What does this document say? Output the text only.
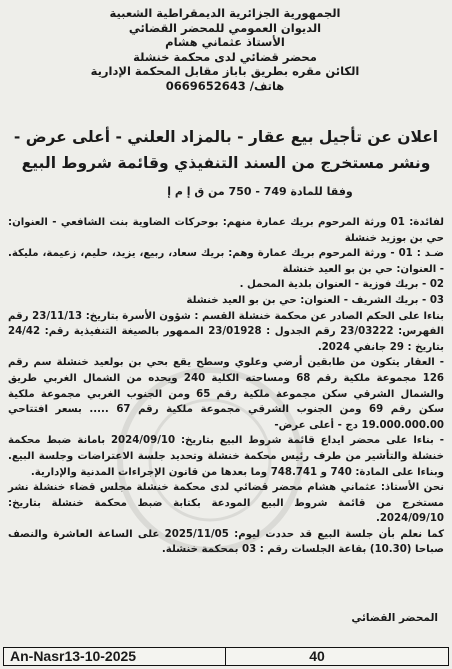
الجمهورية الجزائرية الديمقراطية الشعبية
الديوان العمومي للمحضر القضائي
الأستاذ عثماني هشام
محضر قضائي لدى محكمة خنشلة
الكائن مقره بطريق باباز مقابل المحكمة الإدارية
هاتف/ 0669652643
اعلان عن تأجيل بيع عقار - بالمزاد العلني - أعلى عرض -
ونشر مستخرج من السند التنفيذي وقائمة شروط البيع
وفقا للمادة 749 - 750 من ق إ م إ

لفائدة: 01 ورثة المرحوم بريك عمارة منهم: بوحركات الضاوية بنت الشافعي - العنوان: حي بن بوزيد خنشلة

ضـد : 01 - ورثة المرحوم بريك عمارة وهم: بريك سعاد، ربيع، يزيد، حليم، زعيمة، مليكة. - العنوان: حي بن بو العيد خنشلة

02 - بريك فوزية - العنوان بلدية المحمل .

03 - بريك الشريف - العنوان: حي بن بو العيد خنشلة

بناءا على الحكم الصادر عن محكمة خنشلة القسم : شؤون الأسرة بتاريخ: 23/11/13 رقم الفهرس: 23/03222 رقم الجدول : 23/01928 الممهور بالصيغة التنفيذية رقم: 24/42 بتاريخ : 29 جانفي 2024.

- العقار يتكون من طابقين أرضي وعلوي وسطح يقع بحي بن بولعيد خنشلة سم رقم 126 مجموعة ملكية رقم 68 ومساحته الكلية 240 ويحده من الشمال الغربي طريق والشمال الشرقي سكن مجموعة ملكية رقم 65 ومن الجنوب الغربي مجموعة ملكية سكن رقم 69 ومن الجنوب الشرقي مجموعة ملكية رقم 67 ..... بسعر افتتاحي 19.000.000.00 دج - أعلى عرض-

- بناءا على محضر ايداع قائمة شروط البيع بتاريخ: 2024/09/10 بامانة ضبط محكمة خنشلة والتأشير من طرف رئيس محكمة خنشلة وتحديد جلسة الاعتراضات وجلسة البيع. وبناءا على المادة: 740 و 748.741 وما بعدها من قانون الإجراءات المدنية والإدارية.

نحن الأستاذ: عثماني هشام محضر قضائي لدى محكمة خنشلة مجلس قضاء خنشلة نشر مستخرج من قائمة شروط البيع المودعة بكتابة ضبط محكمة خنشلة بتاريخ: 2024/09/10.

كما نعلم بأن جلسة البيع قد حددت ليوم: 2025/11/05 على الساعة العاشرة والنصف صباحا (10.30) بقاعة الجلسات رقم : 03 بمحكمة خنشلة.

المحضر القضائي
An-Nasr13-10-2025	40
